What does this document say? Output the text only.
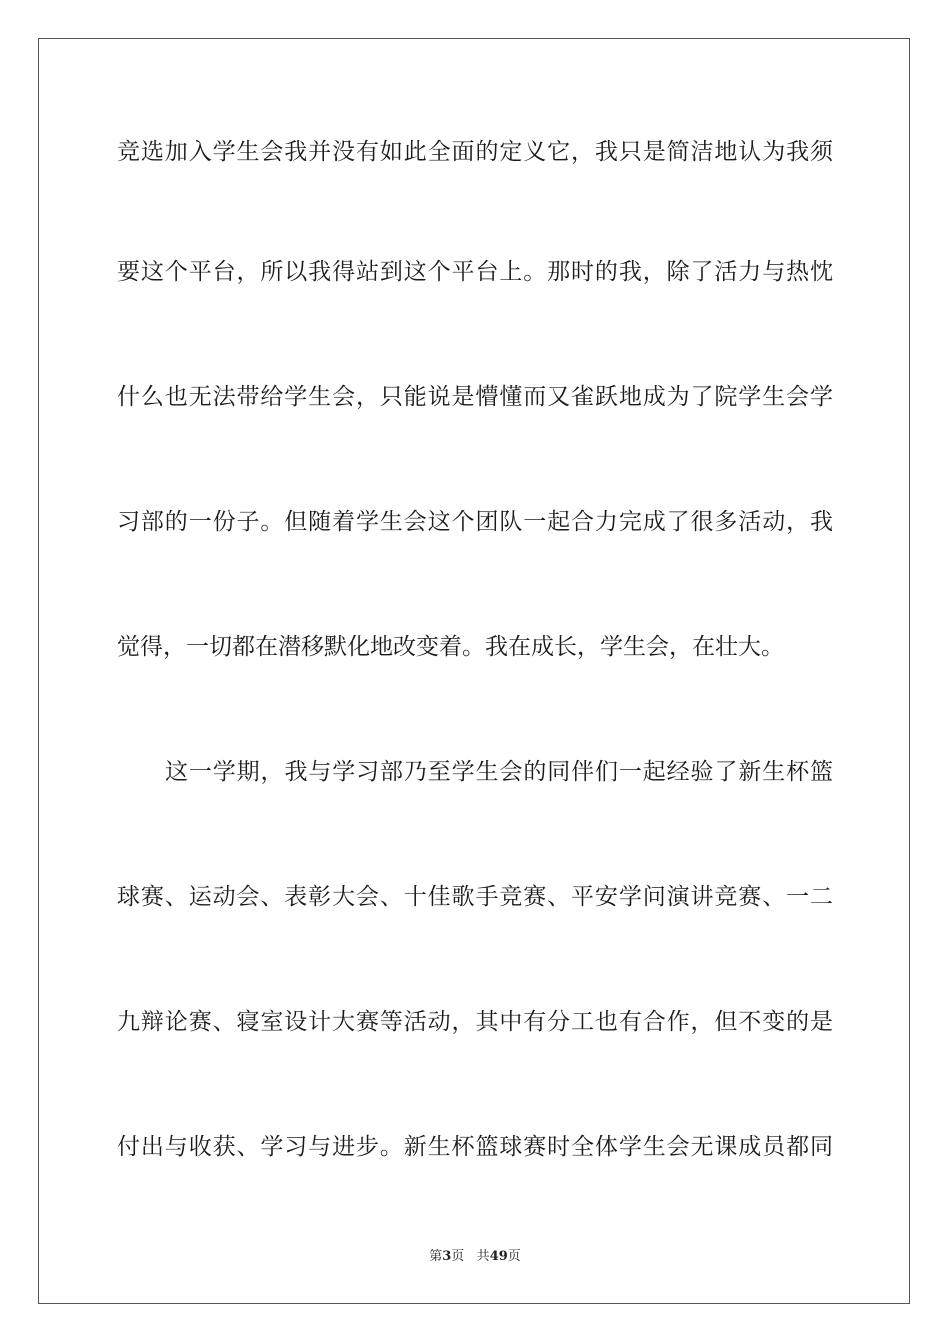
竞选加入学生会我并没有如此全面的定义它，我只是简洁地认为我须
要这个平台，所以我得站到这个平台上。那时的我，除了活力与热忱
什么也无法带给学生会，只能说是懵懂而又雀跃地成为了院学生会学
习部的一份子。但随着学生会这个团队一起合力完成了很多活动，我
觉得，一切都在潜移默化地改变着。我在成长，学生会，在壮大。
这一学期，我与学习部乃至学生会的同伴们一起经验了新生杯篮
球赛、运动会、表彰大会、十佳歌手竞赛、平安学问演讲竞赛、一二
九辩论赛、寝室设计大赛等活动，其中有分工也有合作，但不变的是
付出与收获、学习与进步。新生杯篮球赛时全体学生会无课成员都同
第3页 共49页
